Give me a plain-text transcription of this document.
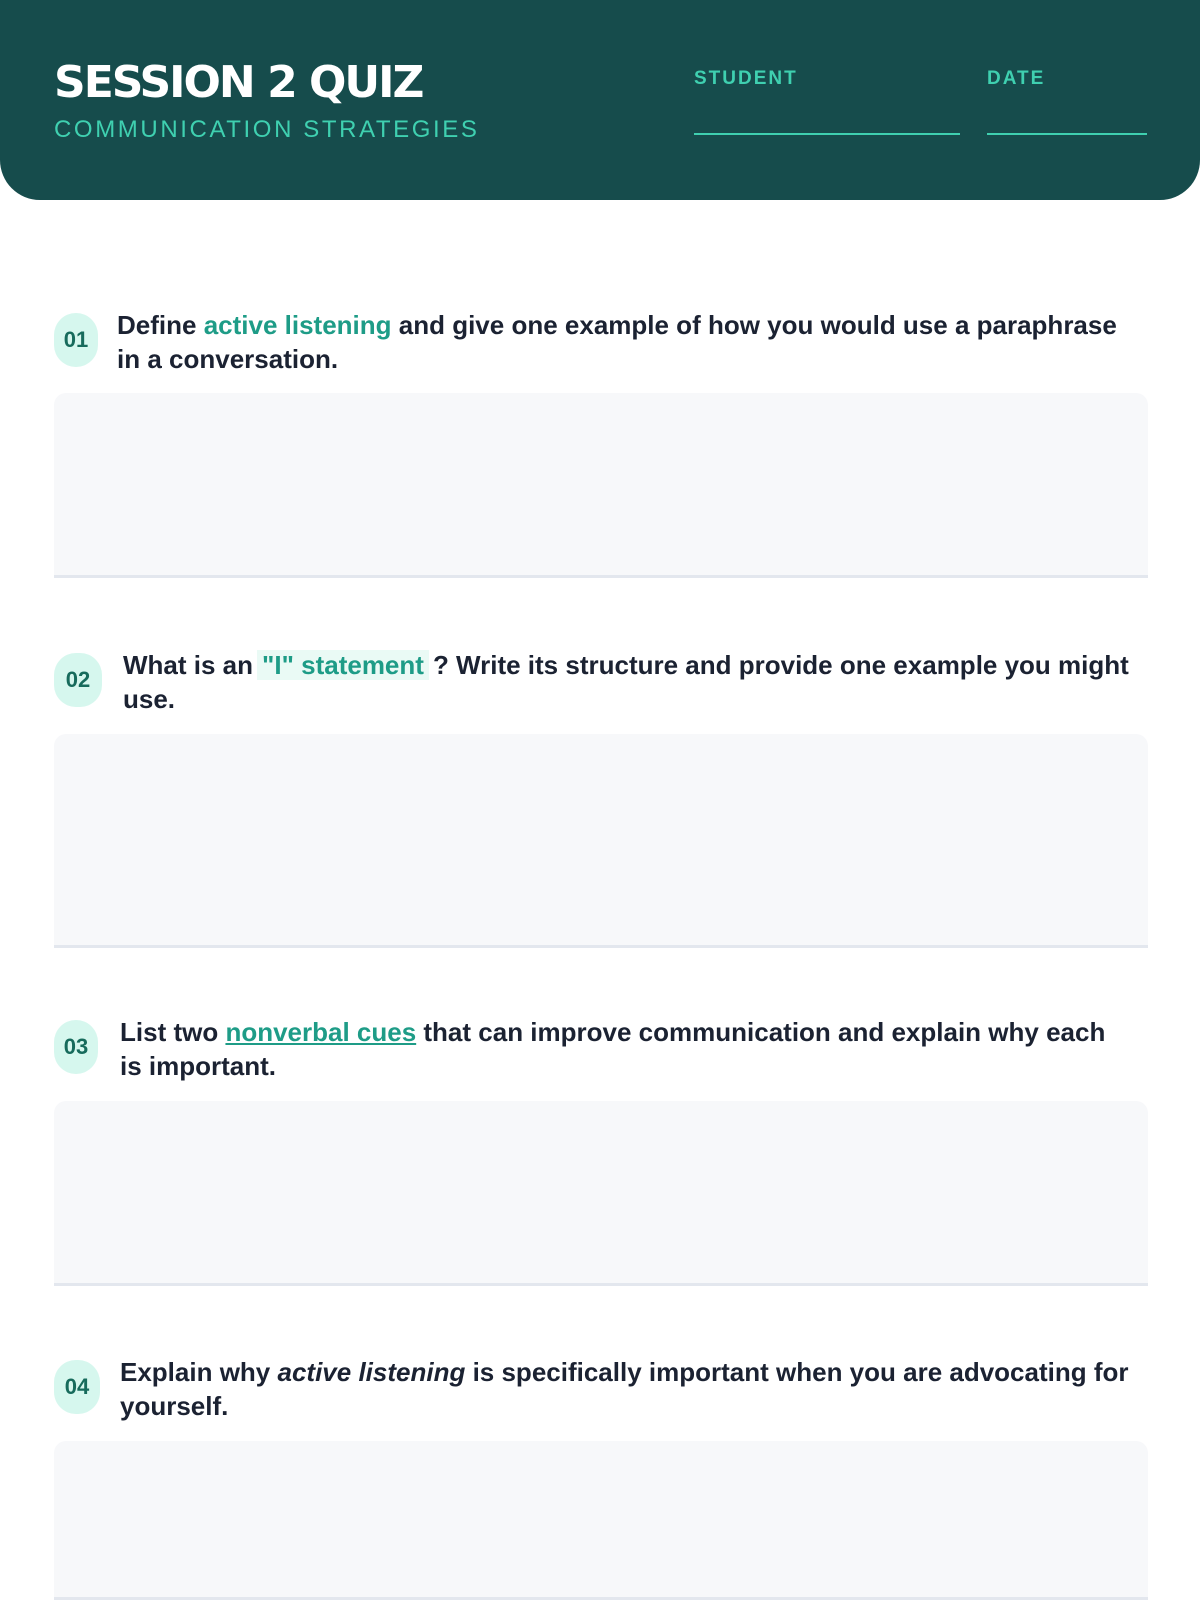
SESSION 2 QUIZ
COMMUNICATION STRATEGIES
STUDENT	DATE
01	Define active listening and give one example of how you would use a paraphrase in a conversation.

02	What is an "I" statement ? Write its structure and provide one example you might use.

03	List two nonverbal cues that can improve communication and explain why each is important.

04	Explain why active listening is specifically important when you are advocating for yourself.
